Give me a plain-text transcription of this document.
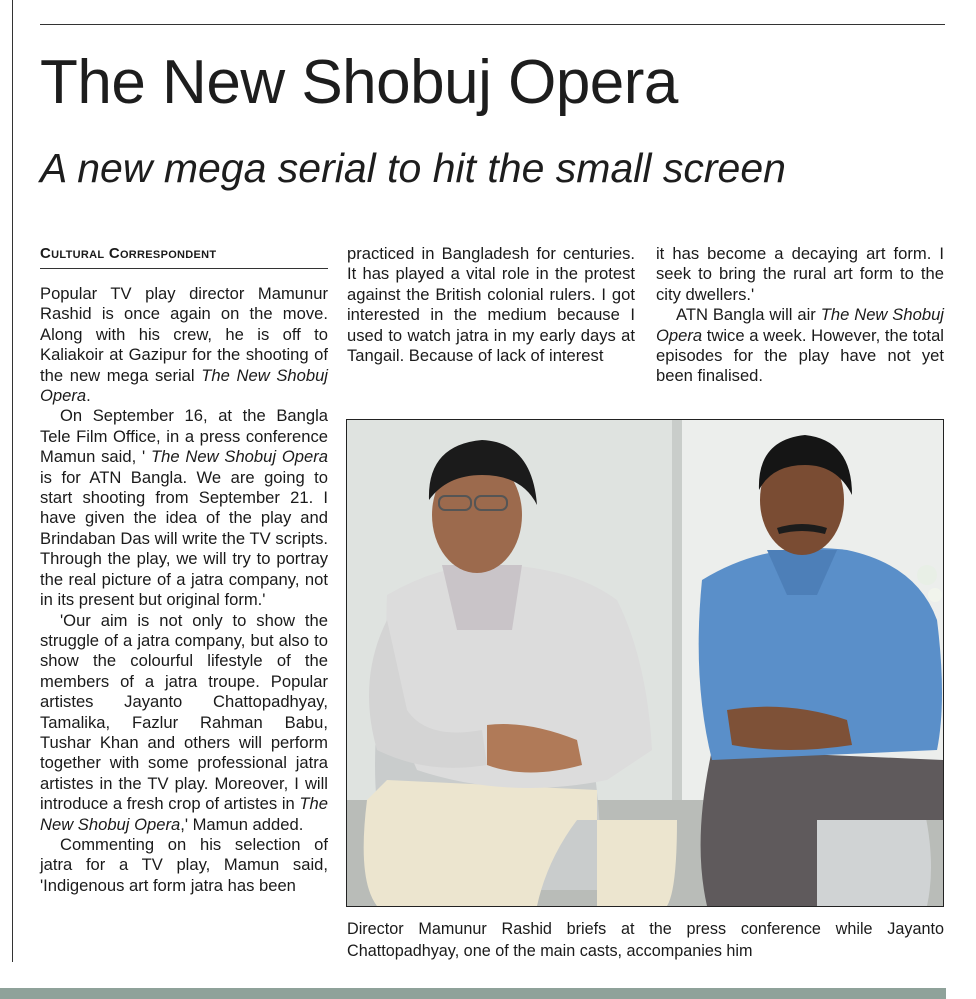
The New Shobuj Opera
A new mega serial to hit the small screen
Cultural Correspondent

Popular TV play director Mamunur Rashid is once again on the move. Along with his crew, he is off to Kaliakoir at Gazipur for the shooting of the new mega serial The New Shobuj Opera.

On September 16, at the Bangla Tele Film Office, in a press conference Mamun said, ' The New Shobuj Opera is for ATN Bangla. We are going to start shooting from September 21. I have given the idea of the play and Brindaban Das will write the TV scripts. Through the play, we will try to portray the real picture of a jatra company, not in its present but original form.'

'Our aim is not only to show the struggle of a jatra company, but also to show the colourful lifestyle of the members of a jatra troupe. Popular artistes Jayanto Chattopadhyay, Tamalika, Fazlur Rahman Babu, Tushar Khan and others will perform together with some professional jatra artistes in the TV play. Moreover, I will introduce a fresh crop of artistes in The New Shobuj Opera,' Mamun added.

Commenting on his selection of jatra for a TV play, Mamun said, 'Indigenous art form jatra has been

practiced in Bangladesh for centuries. It has played a vital role in the protest against the British colonial rulers. I got interested in the medium because I used to watch jatra in my early days at Tangail. Because of lack of interest

it has become a decaying art form. I seek to bring the rural art form to the city dwellers.'

ATN Bangla will air The New Shobuj Opera twice a week. However, the total episodes for the play have not yet been finalised.

Director Mamunur Rashid briefs at the press conference while Jayanto Chattopadhyay, one of the main casts, accompanies him
